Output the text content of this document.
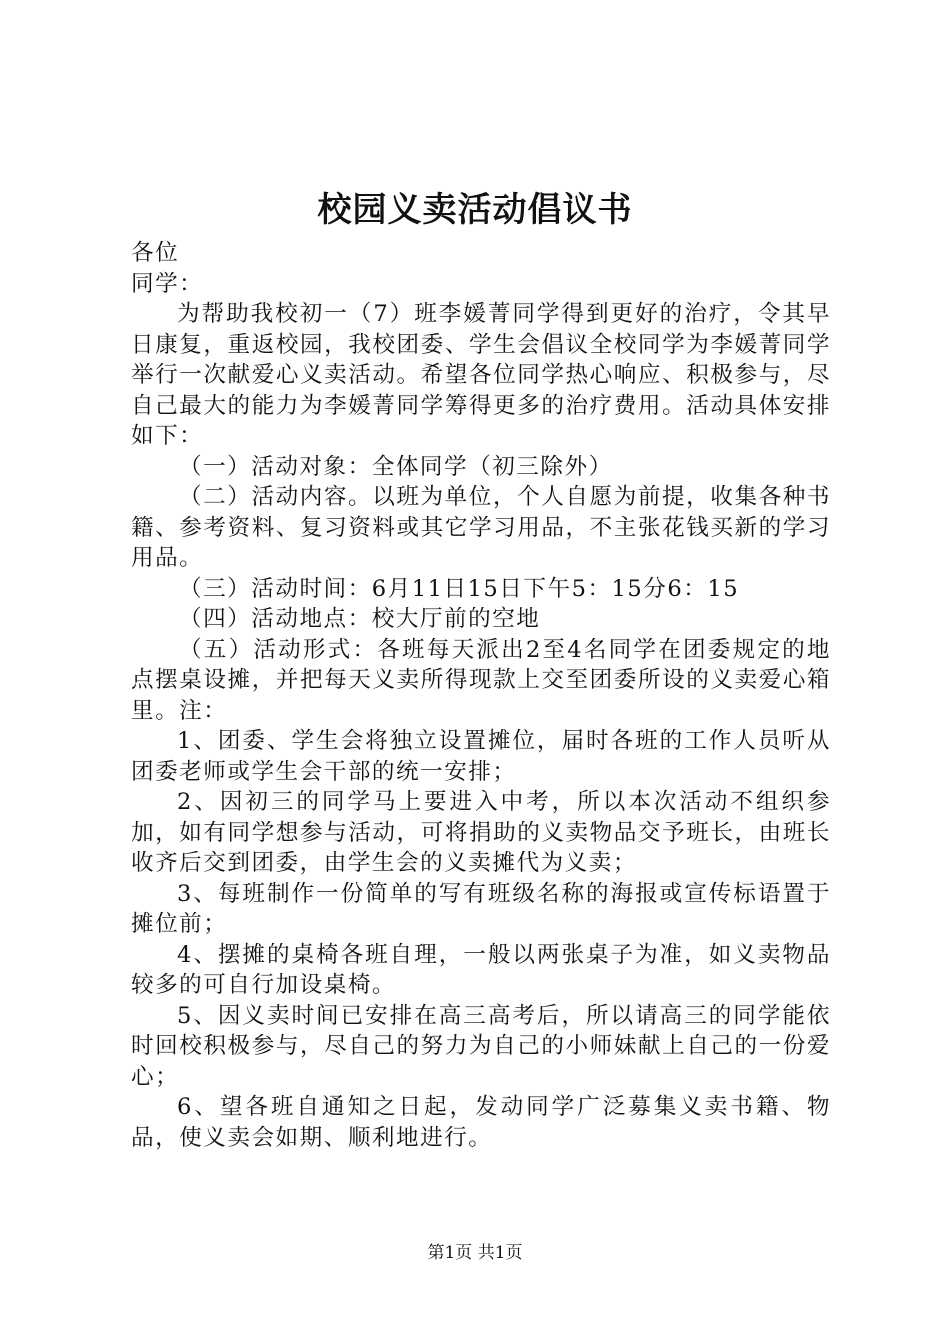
校园义卖活动倡议书

各位

同学：

为帮助我校初一（7）班李媛菁同学得到更好的治疗，令其早日康复，重返校园，我校团委、学生会倡议全校同学为李媛菁同学举行一次献爱心义卖活动。希望各位同学热心响应、积极参与，尽自己最大的能力为李媛菁同学筹得更多的治疗费用。活动具体安排如下：

（一）活动对象：全体同学（初三除外）

（二）活动内容。以班为单位，个人自愿为前提，收集各种书籍、参考资料、复习资料或其它学习用品，不主张花钱买新的学习用品。

（三）活动时间：6月11日15日下午5：15分6：15

（四）活动地点：校大厅前的空地

（五）活动形式：各班每天派出2至4名同学在团委规定的地点摆桌设摊，并把每天义卖所得现款上交至团委所设的义卖爱心箱里。注：

1、团委、学生会将独立设置摊位，届时各班的工作人员听从团委老师或学生会干部的统一安排；

2、因初三的同学马上要进入中考，所以本次活动不组织参加，如有同学想参与活动，可将捐助的义卖物品交予班长，由班长收齐后交到团委，由学生会的义卖摊代为义卖；

3、每班制作一份简单的写有班级名称的海报或宣传标语置于摊位前；

4、摆摊的桌椅各班自理，一般以两张桌子为准，如义卖物品较多的可自行加设桌椅。

5、因义卖时间已安排在高三高考后，所以请高三的同学能依时回校积极参与，尽自己的努力为自己的小师妹献上自己的一份爱心；

6、望各班自通知之日起，发动同学广泛募集义卖书籍、物品，使义卖会如期、顺利地进行。

第1页 共1页
